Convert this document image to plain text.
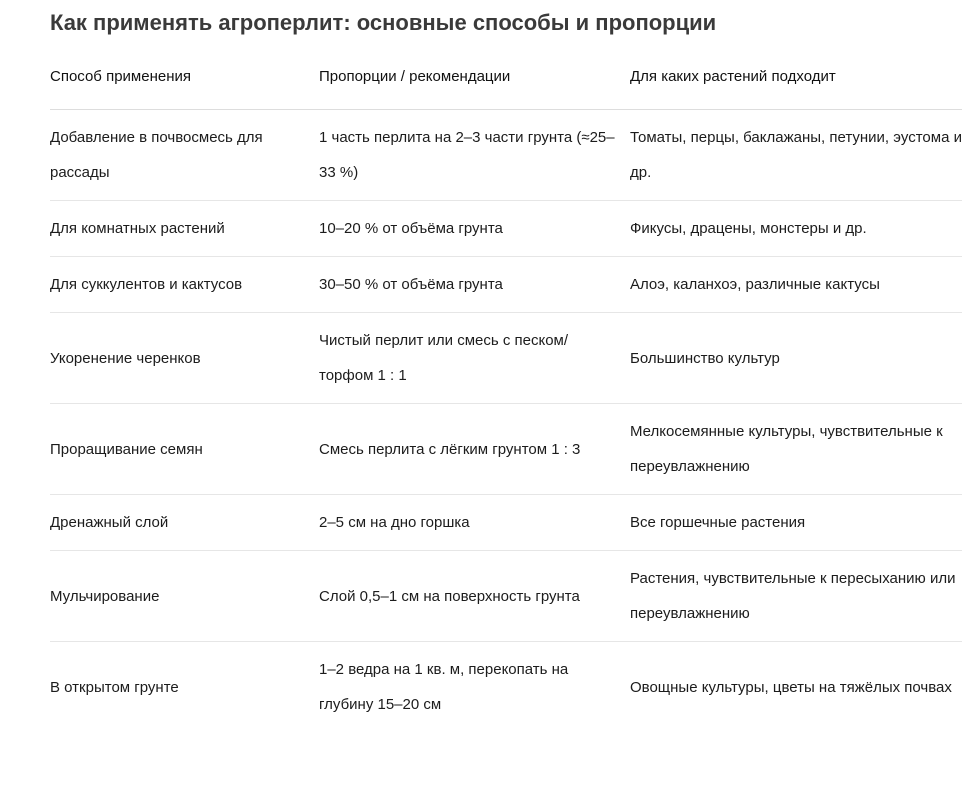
Как применять агроперлит: основные способы и пропорции
Способ применения	Пропорции / рекомендации	Для каких растений подходит
Добавление в почвосмесь для рассады	1 часть перлита на 2–3 части грунта (≈25–33 %)	Томаты, перцы, баклажаны, петунии, эустома и др.
Для комнатных растений	10–20 % от объёма грунта	Фикусы, драцены, монстеры и др.
Для суккулентов и кактусов	30–50 % от объёма грунта	Алоэ, каланхоэ, различные кактусы
Укоренение черенков	Чистый перлит или смесь с песком/торфом 1 : 1	Большинство культур
Проращивание семян	Смесь перлита с лёгким грунтом 1 : 3	Мелкосемянные культуры, чувствительные к переувлажнению
Дренажный слой	2–5 см на дно горшка	Все горшечные растения
Мульчирование	Слой 0,5–1 см на поверхность грунта	Растения, чувствительные к пересыханию или переувлажнению
В открытом грунте	1–2 ведра на 1 кв. м, перекопать на глубину 15–20 см	Овощные культуры, цветы на тяжёлых почвах
